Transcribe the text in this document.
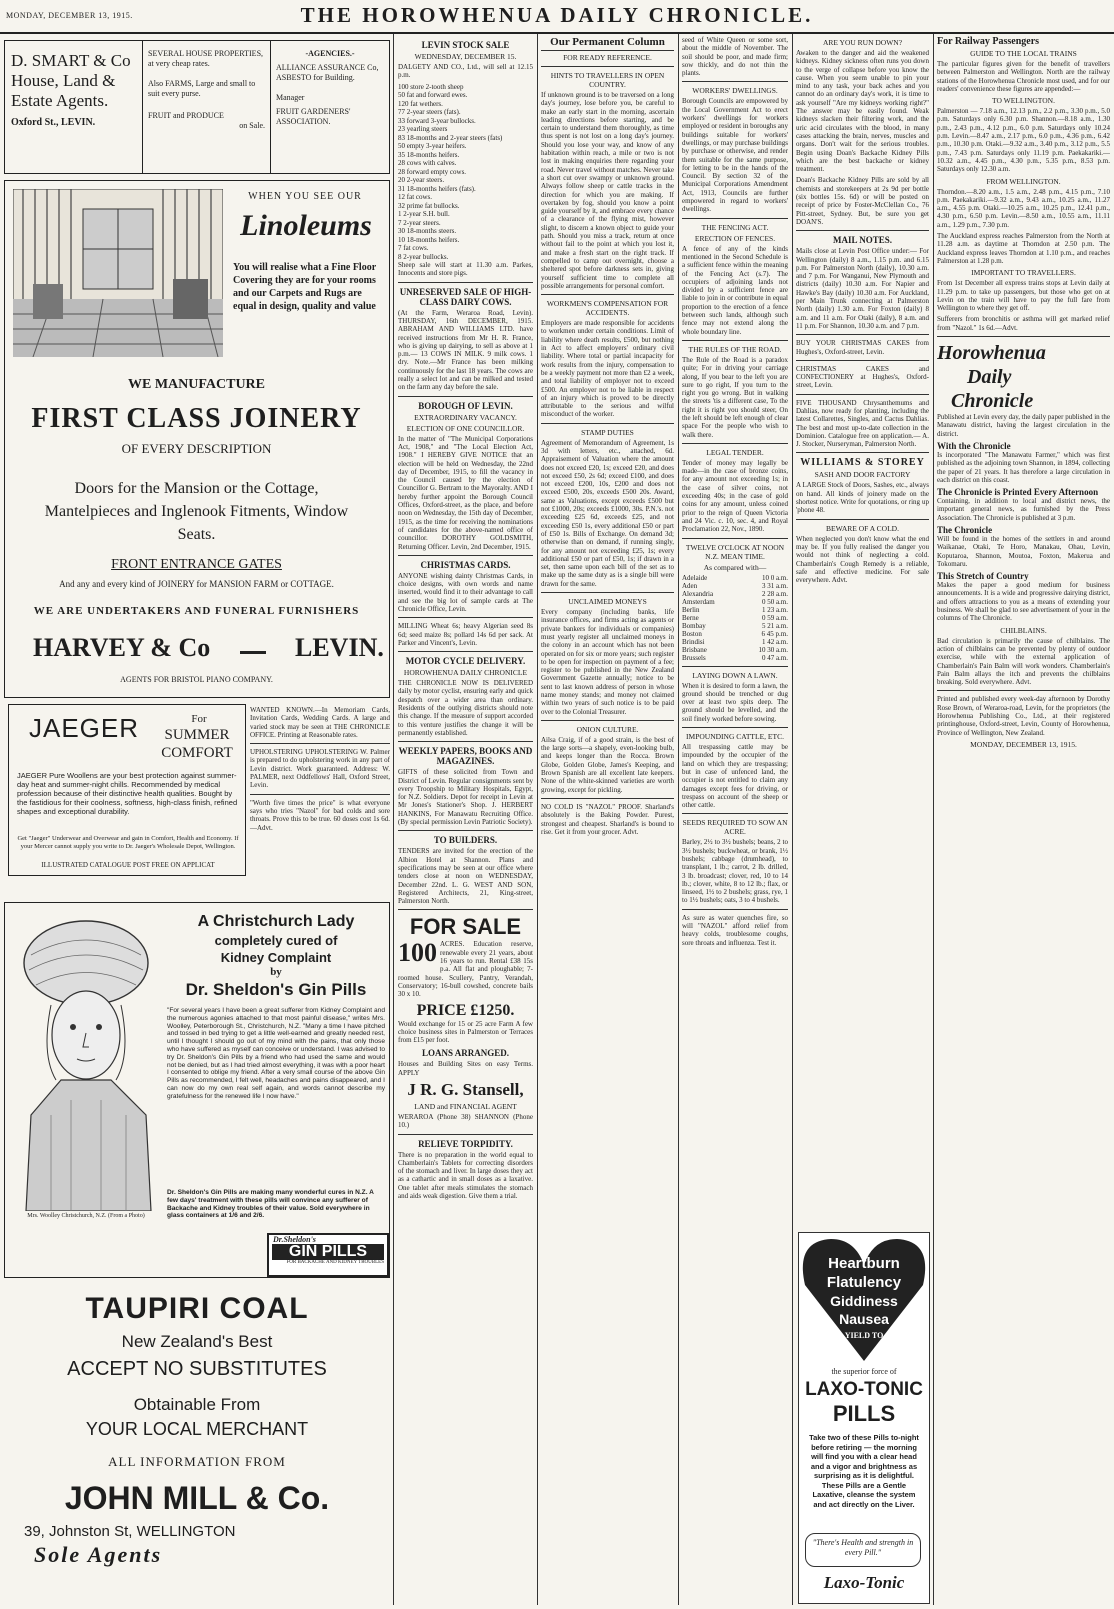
MONDAY, DECEMBER 13, 1915.	THE HOROWHENUA DAILY CHRONICLE.
D. SMART & Co
House, Land &
Estate Agents.
Oxford St., LEVIN.
SEVERAL HOUSE PROPERTIES, at very cheap rates.
Also FARMS, Large and small to suit every purse.
FRUIT and PRODUCE
on Sale.
-AGENCIES.-
ALLIANCE ASSURANCE Co,
ASBESTO for Building.
Manager
FRUIT GARDENERS' ASSOCIATION.
WHEN YOU SEE OUR
Linoleums
You will realise what a Fine Floor Covering they are for your rooms and our Carpets and Rugs are equal in design, quality and value
WE MANUFACTURE
FIRST CLASS JOINERY
OF EVERY DESCRIPTION
Doors for the Mansion or the Cottage, Mantelpieces and Inglenook Fitments, Window Seats.
FRONT ENTRANCE GATES
And any and every kind of JOINERY for MANSION FARM or COTTAGE.
WE ARE UNDERTAKERS AND FUNERAL FURNISHERS
HARVEY & Co	LEVIN.
AGENTS FOR BRISTOL PIANO COMPANY.
JAEGER	For
SUMMER
COMFORT
JAEGER Pure Woollens are your best protection against summer-day heat and summer-night chills. Recommended by medical profession because of their distinctive health qualities. Bought by the fastidious for their coolness, softness, high-class finish, refined shapes and exceptional durability.
Get "Jaeger" Underwear and Overwear and gain in Comfort, Health and Economy. If your Mercer cannot supply you write to Dr. Jaeger's Wholesale Depot, Wellington.
ILLUSTRATED CATALOGUE POST FREE ON APPLICAT
WANTED KNOWN.—In Memoriam Cards, Invitation Cards, Wedding Cards. A large and varied stock may be seen at THE CHRONICLE OFFICE. Printing at Reasonable rates.
UPHOLSTERING UPHOLSTERING W. Palmer is prepared to do upholstering work in any part of Levin district. Work guaranteed. Address: W. PALMER, next Oddfellows' Hall, Oxford Street, Levin.
"Worth five times the price" is what everyone says who tries "Nazol" for bad colds and sore throats. Prove this to be true. 60 doses cost 1s 6d.—Advt.
Mrs. Woolley Christchurch, N.Z. (From a Photo)
A Christchurch Lady
completely cured of
Kidney Complaint
by
Dr. Sheldon's Gin Pills
"For several years I have been a great sufferer from Kidney Complaint and the numerous agonies attached to that most painful disease," writes Mrs. Woolley, Peterborough St., Christchurch, N.Z. "Many a time I have pitched and tossed in bed trying to get a little well-earned and greatly needed rest, until I thought I should go out of my mind with the pains, that only those who have suffered as myself can conceive or understand. I was advised to try Dr. Sheldon's Gin Pills by a friend who had used the same and would not be denied, but as I had tried almost everything, it was with a poor heart I consented to oblige my friend. After a very small course of the above Gin Pills as recommended, I felt well, headaches and pains disappeared, and I can now do my own real self again, and words cannot describe my gratefulness for the renewed life I now have."
Dr. Sheldon's Gin Pills are making many wonderful cures in N.Z. A few days' treatment with these pills will convince any sufferer of Backache and Kidney troubles of their value. Sold everywhere in glass containers at 1/6 and 2/6.
Dr.Sheldon's
GIN PILLS
FOR BACKACHE AND KIDNEY TROUBLES
TAUPIRI COAL
New Zealand's Best
ACCEPT NO SUBSTITUTES
Obtainable From
YOUR LOCAL MERCHANT
ALL INFORMATION FROM
JOHN MILL & Co.
39, Johnston St, WELLINGTON
Sole Agents
LEVIN STOCK SALE
WEDNESDAY, DECEMBER 15.
DALGETY AND CO., Ltd., will sell at 12.15 p.m.
100 store 2-tooth sheep
50 fat and forward ewes.
120 fat wethers.
77 2-year steers (fats).
33 forward 3-year bullocks.
23 yearling steers
83 18-months and 2-year steers (fats)
50 empty 3-year heifers.
35 18-months heifers.
28 cows with calves.
28 forward empty cows.
20 2-year steers.
31 18-months heifers (fats).
12 fat cows.
32 prime fat bullocks.
1 2-year S.H. bull.
7 2-year steers.
30 18-months steers.
10 18-months heifers.
7 fat cows.
8 2-year bullocks.
Sheep sale will start at 11.30 a.m. Parkes, Innocents and store pigs.
UNRESERVED SALE OF HIGH-CLASS DAIRY COWS.
(At the Farm, Weraroa Road, Levin). THURSDAY, 16th DECEMBER, 1915. ABRAHAM AND WILLIAMS LTD. have received instructions from Mr H. R. France, who is giving up dairying, to sell as above at 1 p.m.— 13 COWS IN MILK. 9 milk cows. 1 dry. Note.—Mr France has been milking continuously for the last 18 years. The cows are really a select lot and can be milked and tested on the farm any day before the sale.
BOROUGH OF LEVIN.
EXTRAORDINARY VACANCY.
ELECTION OF ONE COUNCILLOR.
In the matter of "The Municipal Corporations Act, 1908," and "The Local Election Act, 1908." I HEREBY GIVE NOTICE that an election will be held on Wednesday, the 22nd day of December, 1915, to fill the vacancy in the Council caused by the election of Councillor G. Bertram to the Mayoralty. AND I hereby further appoint the Borough Council Offices, Oxford-street, as the place, and before noon on Wednesday, the 15th day of December, 1915, as the time for receiving the nominations of candidates for the above-named office of councillor. DOROTHY GOLDSMITH, Returning Officer. Levin, 2nd December, 1915.
CHRISTMAS CARDS.
ANYONE wishing dainty Christmas Cards, in choice designs, with own words and name inserted, would find it to their advantage to call and see the big lot of sample cards at The Chronicle Office, Levin.
MILLING Wheat 6s; heavy Algerian seed 8s 6d; seed maize 8s; pollard 14s 6d per sack. At Parker and Vincent's, Levin.
MOTOR CYCLE DELIVERY.
HOROWHENUA DAILY CHRONICLE
THE CHRONICLE NOW IS DELIVERED daily by motor cyclist, ensuring early and quick despatch over a wider area than ordinary. Residents of the outlying districts should note this change. If the measure of support accorded to this venture justifies the change it will be permanently established.
WEEKLY PAPERS, BOOKS AND MAGAZINES.
GIFTS of these solicited from Town and District of Levin. Regular consignments sent by every Troopship to Military Hospitals, Egypt, for N.Z. Soldiers. Depot for receipt in Levin at Mr Jones's Stationer's Shop. J. HERBERT HANKINS, For Manawatu Recruiting Office. (By special permission Levin Patriotic Society).
TO BUILDERS.
TENDERS are invited for the erection of the Albion Hotel at Shannon. Plans and specifications may be seen at our office where tenders close at noon on WEDNESDAY, December 22nd. L. G. WEST AND SON, Registered Architects, 21, King-street, Palmerston North.
FOR SALE
100 ACRES. Education reserve, renewable every 21 years, about 16 years to run. Rental £38 15s p.a. All flat and ploughable; 7-roomed house. Scullery, Pantry, Verandah, Conservatory; 16-bull cowshed, concrete bails 30 x 10.
PRICE £1250.
Would exchange for 15 or 25 acre Farm A few choice business sites in Palmerston or Terraces from £15 per foot.
LOANS ARRANGED.
Houses and Building Sites on easy Terms. APPLY
J R. G. Stansell,
LAND and FINANCIAL AGENT
WERAROA (Phone 38) SHANNON (Phone 10.)
RELIEVE TORPIDITY.
There is no preparation in the world equal to Chamberlain's Tablets for correcting disorders of the stomach and liver. In large doses they act as a cathartic and in small doses as a laxative. One tablet after meals stimulates the stomach and aids weak digestion. Give them a trial.
Our Permanent Column
FOR READY REFERENCE.
HINTS TO TRAVELLERS IN OPEN COUNTRY.
If unknown ground is to be traversed on a long day's journey, lose before you, be careful to make an early start in the morning, ascertain leading directions before starting, and be certain to understand them thoroughly, as time thus spent is not lost on a long day's journey. Should you lose your way, and know of any habitation within reach, a mile or two is not lost in making enquiries there regarding your road. Never travel without matches. Never take a short cut over swampy or unknown ground. Always follow sheep or cattle tracks in the direction for which you are making. If overtaken by fog, should you know a point guide yourself by it, and embrace every chance of a clearance of the flying mist, however slight, to discern a known object to guide your path. Should you miss a track, return at once without fail to the point at which you lost it, and make a fresh start on the right track. If compelled to camp out overnight, choose a sheltered spot before darkness sets in, giving yourself sufficient time to complete all possible arrangements for personal comfort.
WORKMEN'S COMPENSATION FOR ACCIDENTS.
Employers are made responsible for accidents to workmen under certain conditions. Limit of liability where death results, £500, but nothing in Act to affect employers' ordinary civil liability. Where total or partial incapacity for work results from the injury, compensation to be a weekly payment not more than £2 a week, and total liability of employer not to exceed £500. An employer not to be liable in respect of an injury which is proved to be directly attributable to the serious and wilful misconduct of the worker.
STAMP DUTIES
Agreement of Memorandum of Agreement, 1s 3d with letters, etc., attached, 6d. Appraisement of Valuation where the amount does not exceed £20, 1s; exceed £20, and does not exceed £50, 2s 6d; exceed £100, and does not exceed £200, 10s, £200 and does not exceed £500, 20s, exceeds £500 20s. Award, same as Valuations, except exceeds £500 but not £1000, 20s; exceeds £1000, 30s. P.N.'s. not exceeding £25 6d, exceeds £25, and not exceeding £50 1s, every additional £50 or part of £50 1s. Bills of Exchange. On demand 3d; otherwise than on demand, if running singly, for any amount not exceeding £25, 1s; every additional £50 or part of £50, 1s; if drawn in a set, then same upon each bill of the set as to make up the same duty as is a single bill were drawn for the same.
UNCLAIMED MONEYS
Every company (including banks, life insurance offices, and firms acting as agents or private bankers for individuals or companies) must yearly register all unclaimed moneys in the colony in an account which has not been operated on for six or more years; such register to be open for inspection on payment of a fee; register to be published in the New Zealand Government Gazette annually; notice to be sent to last known address of person in whose name money stands; and money not claimed within two years of such notice is to be paid over to the Colonial Treasurer.
ONION CULTURE.
Ailsa Craig, if of a good strain, is the best of the large sorts—a shapely, even-looking bulb, and keeps longer than the Rocca. Brown Globe, Golden Globe, James's Keeping, and Brown Spanish are all excellent late keepers. None of the white-skinned varieties are worth growing, except for pickling.
NO COLD IS "NAZOL" PROOF. Sharland's absolutely is the Baking Powder. Purest, strongest and cheapest. Sharland's is bound to rise. Get it from your grocer. Advt.
seed of White Queen or some sort, about the middle of November. The soil should be poor, and made firm; sow thickly, and do not thin the plants.
WORKERS' DWELLINGS.
Borough Councils are empowered by the Local Government Act to erect workers' dwellings for workers employed or resident in boroughs any buildings suitable for workers' dwellings, or may purchase buildings by purchase or otherwise, and render them suitable for the same purpose, for letting to be in the hands of the Council. By section 32 of the Municipal Corporations Amendment Act, 1913, Councils are further empowered in regard to workers' dwellings.
THE FENCING ACT.
ERECTION OF FENCES.
A fence of any of the kinds mentioned in the Second Schedule is a sufficient fence within the meaning of the Fencing Act (s.7). The occupiers of adjoining lands not divided by a sufficient fence are liable to join in or contribute in equal proportion to the erection of a fence between such lands, although such fence may not extend along the whole boundary line.
THE RULES OF THE ROAD.
The Rule of the Road is a paradox quite; For in driving your carriage along, If you bear to the left you are sure to go right, If you turn to the right you go wrong. But in walking the streets 'tis a different case, To the right it is right you should steer, On the left should be left enough of clear space For the people who wish to walk there.
LEGAL TENDER.
Tender of money may legally be made—in the case of bronze coins, for any amount not exceeding 1s; in the case of silver coins, not exceeding 40s; in the case of gold coins for any amount, unless coined prior to the reign of Queen Victoria and 24 Vic. c. 10, sec. 4, and Royal Proclamation 22, Nov., 1890.
TWELVE O'CLOCK AT NOON N.Z. MEAN TIME.
As compared with—
Adelaide	10 0 a.m.
Aden	3 31 a.m.
Alexandria	2 28 a.m.
Amsterdam	0 50 a.m.
Berlin	1 23 a.m.
Berne	0 59 a.m.
Bombay	5 21 a.m.
Boston	6 45 p.m.
Brindisi	1 42 a.m.
Brisbane	10 30 a.m.
Brussels	0 47 a.m.
LAYING DOWN A LAWN.
When it is desired to form a lawn, the ground should be trenched or dug over at least two spits deep. The ground should be levelled, and the soil finely worked before sowing.
IMPOUNDING CATTLE, ETC.
All trespassing cattle may be impounded by the occupier of the land on which they are trespassing; but in case of unfenced land, the occupier is not entitled to claim any damages except fees for driving, or trespass on account of the sheep or other cattle.
SEEDS REQUIRED TO SOW AN ACRE.
Barley, 2½ to 3½ bushels; beans, 2 to 3½ bushels; buckwheat, or brank, 1½ bushels; cabbage (drumhead), to transplant, 1 lb.; carrot, 2 lb. drilled, 3 lb. broadcast; clover, red, 10 to 14 lb.; clover, white, 8 to 12 lb.; flax, or linseed, 1½ to 2 bushels; grass, rye, 1 to 1½ bushels; oats, 3 to 4 bushels.
As sure as water quenches fire, so will "NAZOL" afford relief from heavy colds, troublesome coughs, sore throats and influenza. Test it.
ARE YOU RUN DOWN?
Awaken to the danger and aid the weakened kidneys. Kidney sickness often runs you down to the verge of collapse before you know the cause. When you seem unable to pin your mind to any task, your back aches and you cannot do an ordinary day's work, it is time to ask yourself "Are my kidneys working right?" The answer may be easily found. Weak kidneys slacken their filtering work, and the uric acid circulates with the blood, in many cases attacking the brain, nerves, muscles and organs. Don't wait for the serious troubles. Begin using Doan's Backache Kidney Pills which are the best backache or kidney treatment.
Doan's Backache Kidney Pills are sold by all chemists and storekeepers at 2s 9d per bottle (six bottles 15s. 6d) or will be posted on receipt of price by Foster-McClellan Co., 76 Pitt-street, Sydney. But, be sure you get DOAN'S.
MAIL NOTES.
Mails close at Levin Post Office under:— For Wellington (daily) 8 a.m., 1.15 p.m. and 6.15 p.m. For Palmerston North (daily), 10.30 a.m. and 7 p.m. For Wanganui, New Plymouth and districts (daily) 10.30 a.m. For Napier and Hawke's Bay (daily) 10.30 a.m. For Auckland, per Main Trunk connecting at Palmerston North (daily) 1.30 a.m. For Foxton (daily) 8 a.m. and 11 a.m. For Otaki (daily), 8 a.m. and 11 p.m. For Shannon, 10.30 a.m. and 7 p.m.
BUY YOUR CHRISTMAS CAKES from Hughes's, Oxford-street, Levin.
CHRISTMAS CAKES and CONFECTIONERY at Hughes's, Oxford-street, Levin.
FIVE THOUSAND Chrysanthemums and Dahlias, now ready for planting, including the latest Collarettes, Singles, and Cactus Dahlias. The best and most up-to-date collection in the Dominion. Catalogue free on application.— A. J. Stocker, Nurseryman, Palmerston North.
WILLIAMS & STOREY
SASH AND DOOR FACTORY
A LARGE Stock of Doors, Sashes, etc., always on hand. All kinds of joinery made on the shortest notice. Write for quotations, or ring up 'phone 48.
BEWARE OF A COLD.
When neglected you don't know what the end may be. If you fully realised the danger you would not think of neglecting a cold. Chamberlain's Cough Remedy is a reliable, safe and effective medicine. For sale everywhere. Advt.
Heartburn
Flatulency
Giddiness
Nausea
YIELD TO
the superior force of
LAXO-TONIC
PILLS
Take two of these Pills to-night before retiring — the morning will find you with a clear head and a vigor and brightness as surprising as it is delightful. These Pills are a Gentle Laxative, cleanse the system and act directly on the Liver.
"There's Health and strength in every Pill."
Laxo-Tonic
For Railway Passengers
GUIDE TO THE LOCAL TRAINS
The particular figures given for the benefit of travellers between Palmerston and Wellington. North are the railway stations of the Horowhenua Chronicle most used, and for our readers' convenience these figures are appended:—
TO WELLINGTON.
Palmerston — 7.18 a.m., 12.13 p.m., 2.2 p.m., 3.30 p.m., 5.0 p.m. Saturdays only 6.30 p.m. Shannon.—8.18 a.m., 1.30 p.m., 2.43 p.m., 4.12 p.m., 6.0 p.m. Saturdays only 10.24 p.m. Levin.—8.47 a.m., 2.17 p.m., 6.0 p.m., 4.36 p.m., 6.42 p.m., 10.30 p.m. Otaki.—9.32 a.m., 3.40 p.m., 3.12 p.m., 5.5 p.m., 7.43 p.m. Saturdays only 11.19 p.m. Paekakariki.—10.32 a.m., 4.45 p.m., 4.30 p.m., 5.35 p.m., 8.53 p.m. Saturdays only 12.30 a.m.
FROM WELLINGTON.
Thorndon.—8.20 a.m., 1.5 a.m., 2.48 p.m., 4.15 p.m., 7.10 p.m. Paekakariki.—9.32 a.m., 9.43 a.m., 10.25 a.m., 11.27 a.m., 4.55 p.m. Otaki.—10.25 a.m., 10.25 p.m., 12.41 p.m., 4.30 p.m., 6.50 p.m. Levin.—8.50 a.m., 10.55 a.m., 11.11 a.m., 1.29 p.m., 7.30 p.m.
The Auckland express reaches Palmerston from the North at 11.28 a.m. as daytime at Thorndon at 2.50 p.m. The Auckland express leaves Thorndon at 1.10 p.m., and reaches Palmerston at 1.28 p.m.
IMPORTANT TO TRAVELLERS.
From 1st December all express trains stops at Levin daily at 11.29 p.m. to take up passengers, but those who get on at Levin on the train will have to pay the full fare from Wellington to where they get off.
Sufferers from bronchitis or asthma will get marked relief from "Nazol." 1s 6d.—Advt.
Horowhenua
Daily
Chronicle
Published at Levin every day, the daily paper published in the Manawatu district, having the largest circulation in the district.
With the Chronicle
Is incorporated "The Manawatu Farmer," which was first published as the adjoining town Shannon, in 1894, collecting the paper of 21 years. It has therefore a large circulation in each district on this coast.
The Chronicle is Printed Every Afternoon
Containing, in addition to local and district news, the important general news, as furnished by the Press Association. The Chronicle is published at 3 p.m.
The Chronicle
Will be found in the homes of the settlers in and around Waikanae, Otaki, Te Horo, Manakau, Ohau, Levin, Koputaroa, Shannon, Moutoa, Foxton, Makerua and Tokomaru.
This Stretch of Country
Makes the paper a good medium for business announcements. It is a wide and progressive dairying district, and offers attractions to you as a means of extending your business. We shall be glad to see advertisement of your in the columns of The Chronicle.
CHILBLAINS.
Bad circulation is primarily the cause of chilblains. The action of chilblains can be prevented by plenty of outdoor exercise, while with the external application of Chamberlain's Pain Balm will work wonders. Chamberlain's Pain Balm allays the itch and prevents the chilblains breaking. Sold everywhere. Advt.
Printed and published every week-day afternoon by Dorothy Rose Brown, of Weraroa-road, Levin, for the proprietors (the Horowhenua Publishing Co., Ltd., at their registered printinghouse, Oxford-street, Levin, County of Horowhenua, Province of Wellington, New Zealand.
MONDAY, DECEMBER 13, 1915.
